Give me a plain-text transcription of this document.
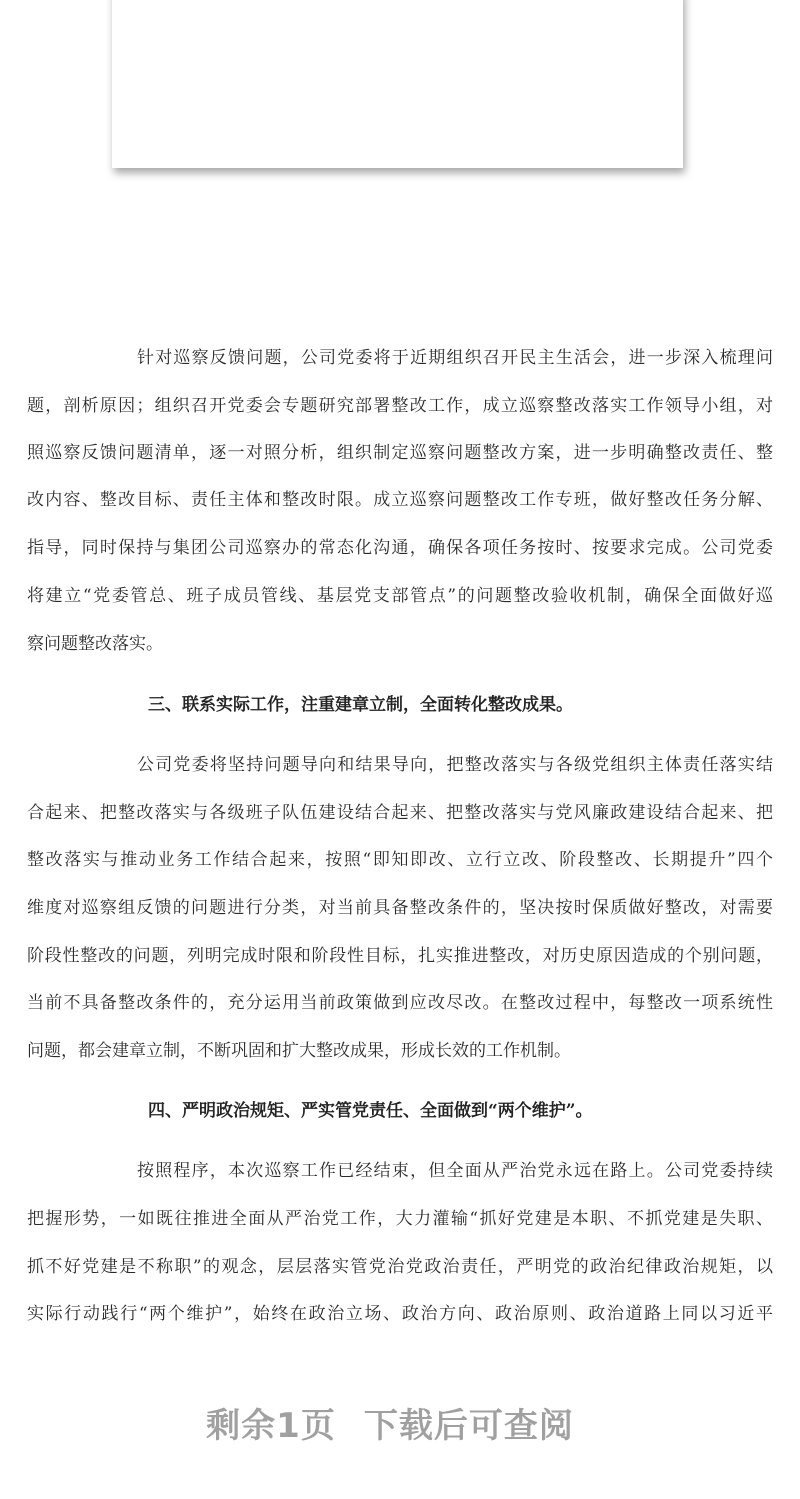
针对巡察反馈问题，公司党委将于近期组织召开民主生活会，进一步深入梳理问
题，剖析原因；组织召开党委会专题研究部署整改工作，成立巡察整改落实工作领导小组，对
照巡察反馈问题清单，逐一对照分析，组织制定巡察问题整改方案，进一步明确整改责任、整
改内容、整改目标、责任主体和整改时限。成立巡察问题整改工作专班，做好整改任务分解、
指导，同时保持与集团公司巡察办的常态化沟通，确保各项任务按时、按要求完成。公司党委
将建立“党委管总、班子成员管线、基层党支部管点”的问题整改验收机制，确保全面做好巡
察问题整改落实。
三、联系实际工作，注重建章立制，全面转化整改成果。
公司党委将坚持问题导向和结果导向，把整改落实与各级党组织主体责任落实结
合起来、把整改落实与各级班子队伍建设结合起来、把整改落实与党风廉政建设结合起来、把
整改落实与推动业务工作结合起来，按照“即知即改、立行立改、阶段整改、长期提升”四个
维度对巡察组反馈的问题进行分类，对当前具备整改条件的，坚决按时保质做好整改，对需要
阶段性整改的问题，列明完成时限和阶段性目标，扎实推进整改，对历史原因造成的个别问题，
当前不具备整改条件的，充分运用当前政策做到应改尽改。在整改过程中，每整改一项系统性
问题，都会建章立制，不断巩固和扩大整改成果，形成长效的工作机制。
四、严明政治规矩、严实管党责任、全面做到“两个维护”。
按照程序，本次巡察工作已经结束，但全面从严治党永远在路上。公司党委持续
把握形势，一如既往推进全面从严治党工作，大力灌输“抓好党建是本职、不抓党建是失职、
抓不好党建是不称职”的观念，层层落实管党治党政治责任，严明党的政治纪律政治规矩，以
实际行动践行“两个维护”，始终在政治立场、政治方向、政治原则、政治道路上同以习近平
剩余1页 下载后可查阅
